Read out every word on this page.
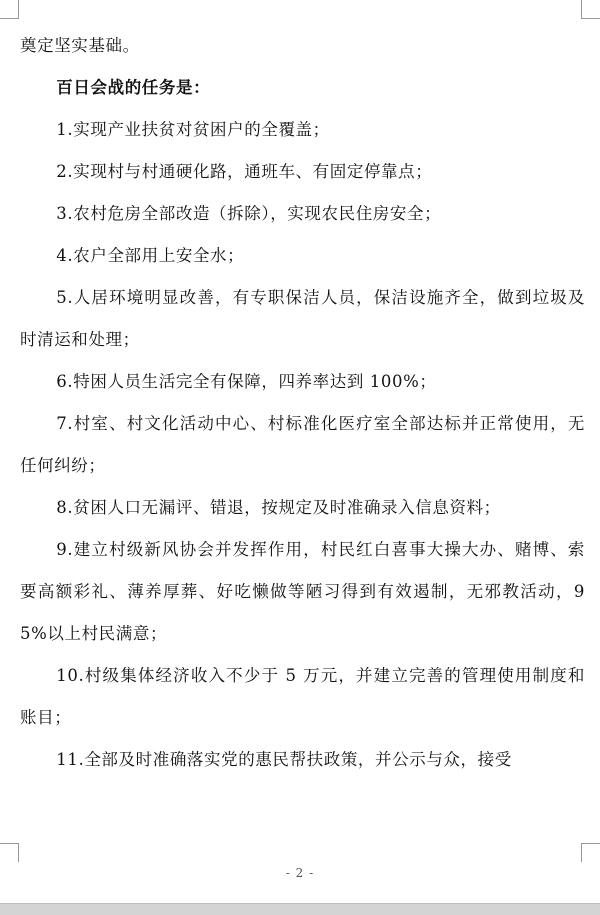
奠定坚实基础。

百日会战的任务是：

1.实现产业扶贫对贫困户的全覆盖；

2.实现村与村通硬化路，通班车、有固定停靠点；

3.农村危房全部改造（拆除），实现农民住房安全；

4.农户全部用上安全水；

5.人居环境明显改善，有专职保洁人员，保洁设施齐全，做到垃圾及时清运和处理；

6.特困人员生活完全有保障，四养率达到 100%；

7.村室、村文化活动中心、村标准化医疗室全部达标并正常使用，无任何纠纷；

8.贫困人口无漏评、错退，按规定及时准确录入信息资料；

9.建立村级新风协会并发挥作用，村民红白喜事大操大办、赌博、索要高额彩礼、薄养厚葬、好吃懒做等陋习得到有效遏制，无邪教活动，95%以上村民满意；

10.村级集体经济收入不少于 5 万元，并建立完善的管理使用制度和账目；

11.全部及时准确落实党的惠民帮扶政策，并公示与众，接受

- 2 -
